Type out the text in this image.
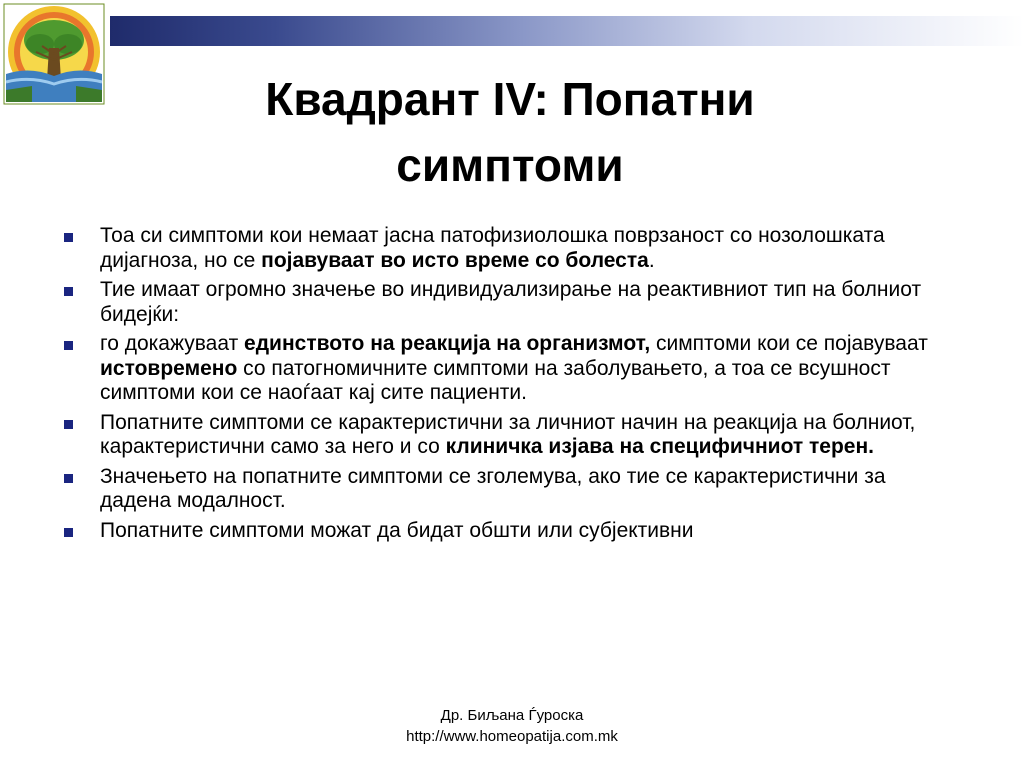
Квадрант IV: Попатни
симптоми
Тоа си симптоми кои немаат јасна патофизиолошка поврзаност со нозолошката дијагноза, но се појавуваат во исто време со болеста.
Тие имаат огромно значење во индивидуализирање на реактивниот тип на болниот бидејќи:
го докажуваат единството на реакција на организмот, симптоми кои се појавуваат истовремено со патогномичните симптоми на заболувањето, а тоа се всушност симптоми кои се наоѓаат кај сите пациенти.
Попатните симптоми се карактеристични за личниот начин на реакција на болниот, карактеристични само за него и со клиничка изјава на специфичниот терен.
Значењето на попатните симптоми се зголемува, ако тие се карактеристични за дадена модалност.
Попатните симптоми можат да бидат обшти или субјективни
Др. Биљана Ѓуроска
http://www.homeopatija.com.mk
